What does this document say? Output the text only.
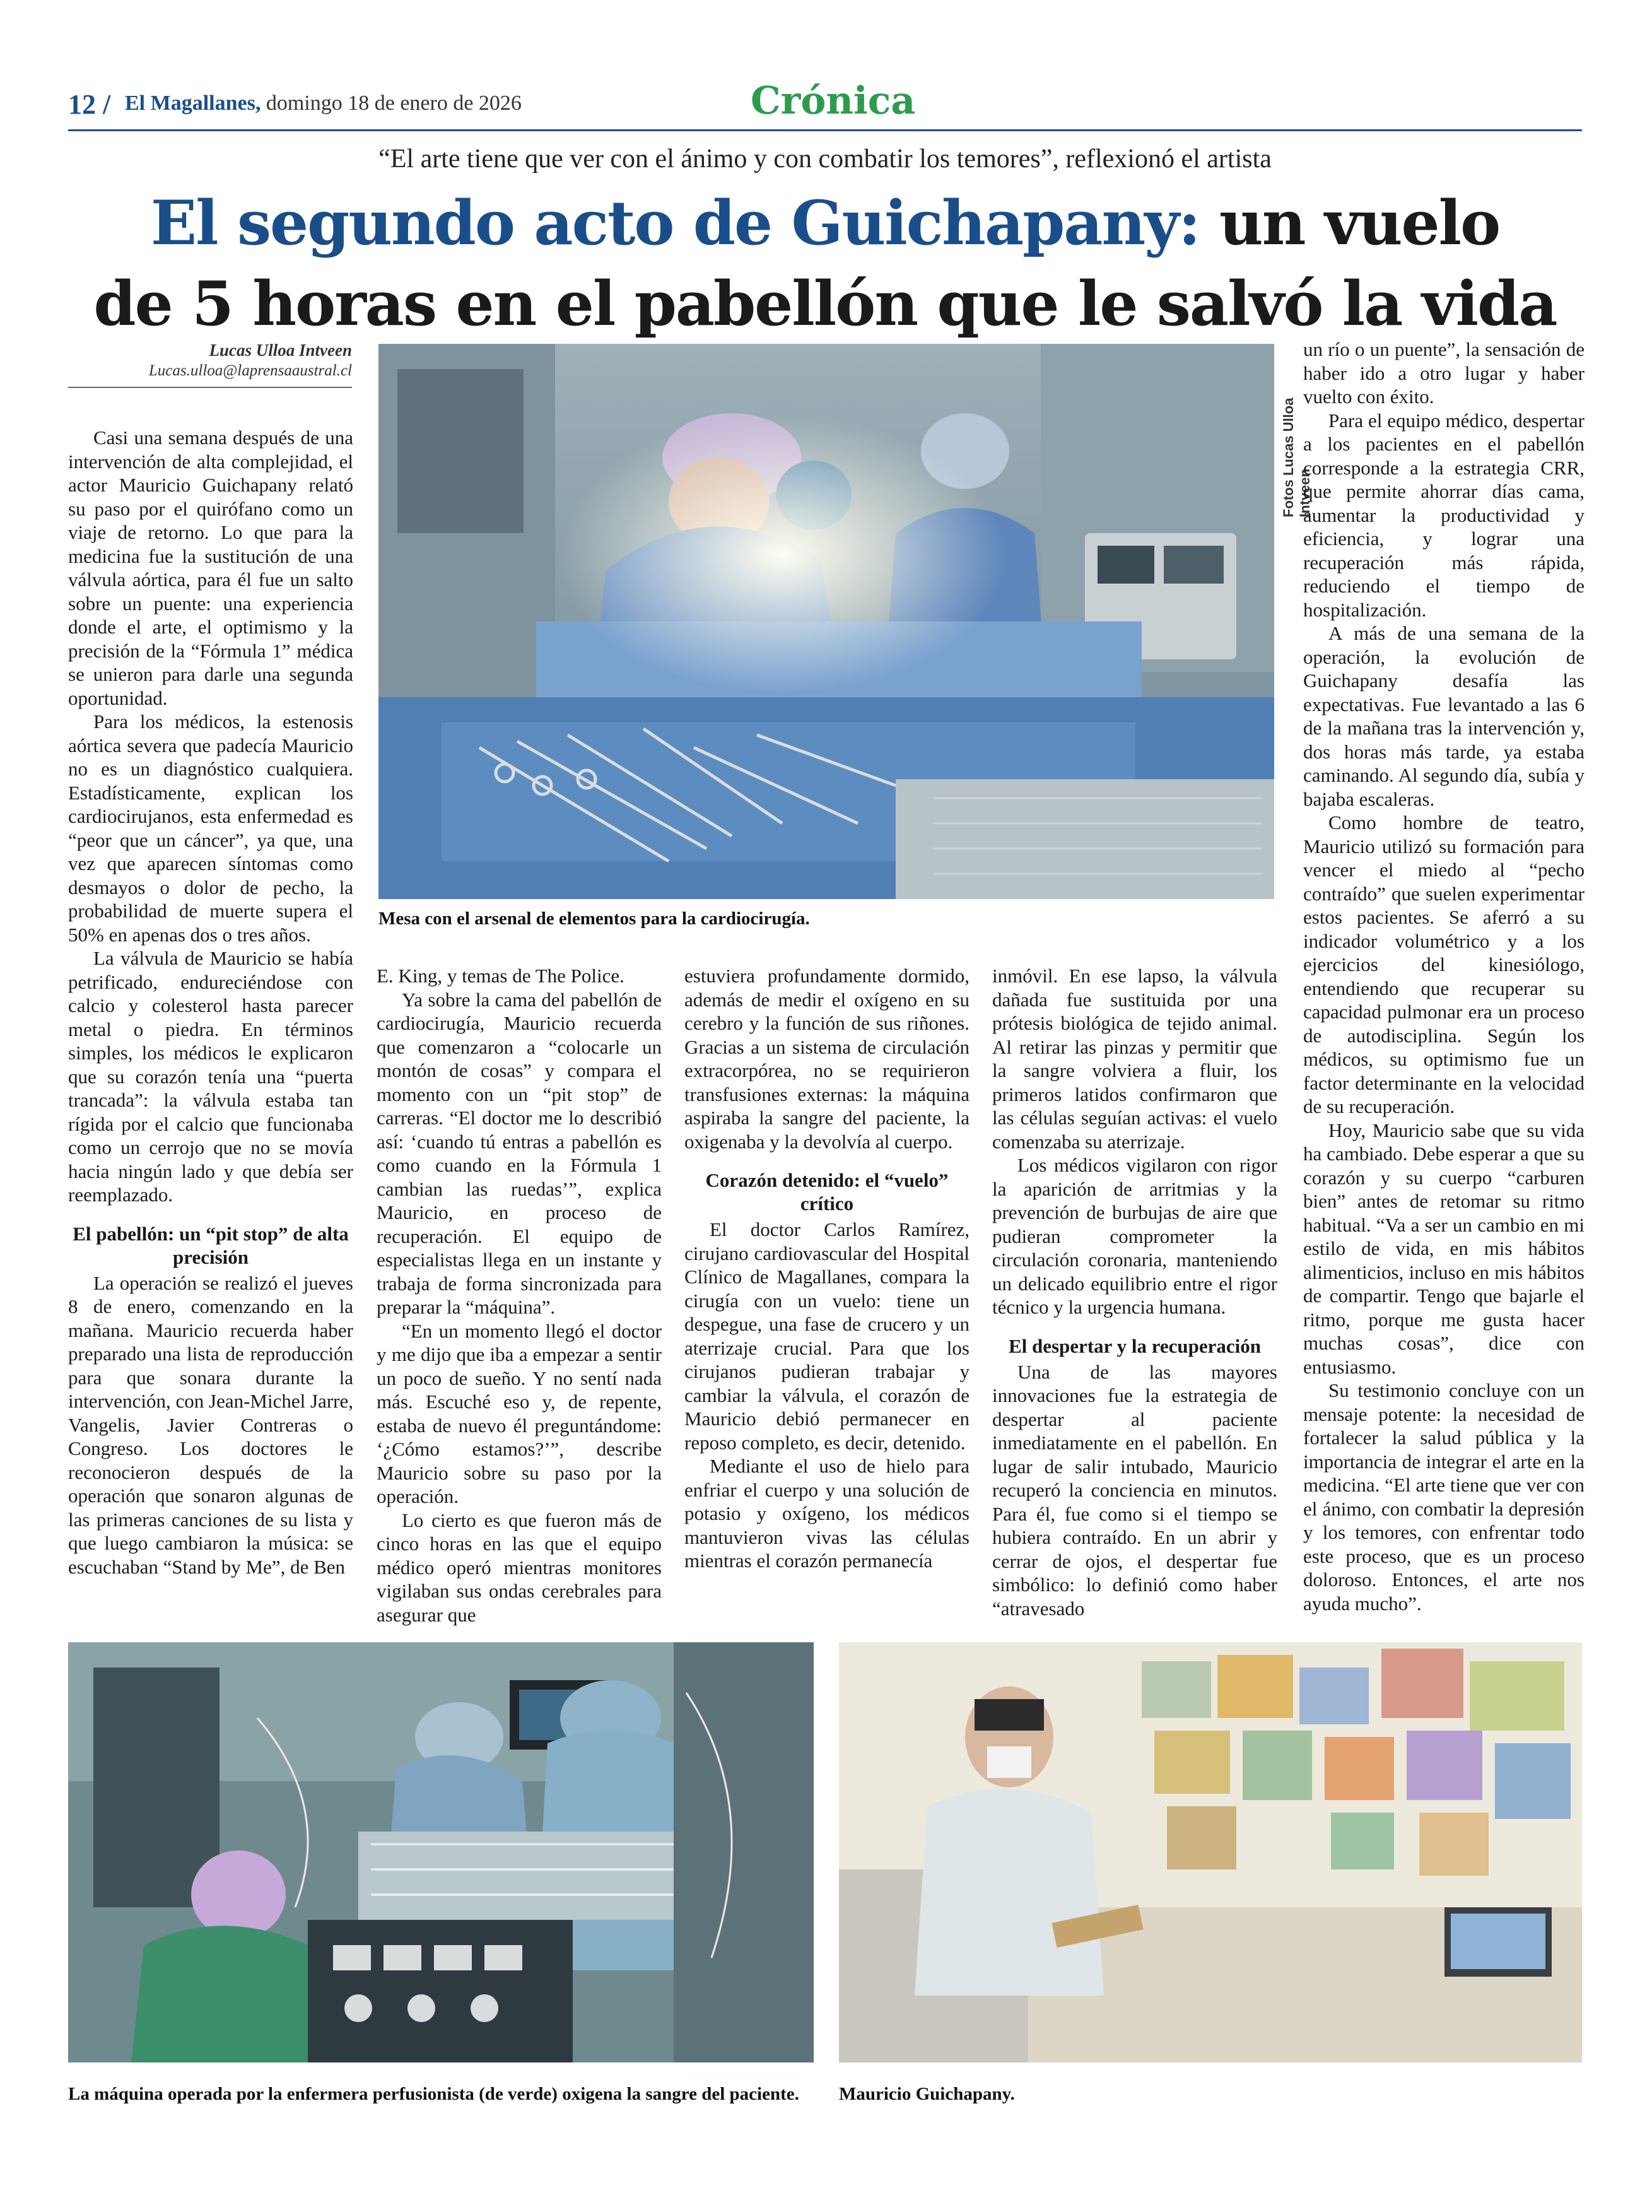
12 / El Magallanes, domingo 18 de enero de 2026	Crónica
“El arte tiene que ver con el ánimo y con combatir los temores”, reflexionó el artista
El segundo acto de Guichapany: un vuelo
de 5 horas en el pabellón que le salvó la vida
Lucas Ulloa Intveen
Lucas.ulloa@laprensaaustral.cl
Fotos Lucas Ulloa Intveen
Mesa con el arsenal de elementos para la cardiocirugía.

Casi una semana después de una intervención de alta complejidad, el actor Mauricio Guichapany relató su paso por el quirófano como un viaje de retorno. Lo que para la medicina fue la sustitución de una válvula aórtica, para él fue un salto sobre un puente: una experiencia donde el arte, el optimismo y la precisión de la “Fórmula 1” médica se unieron para darle una segunda oportunidad.

Para los médicos, la estenosis aórtica severa que padecía Mauricio no es un diagnóstico cualquiera. Estadísticamente, explican los cardiocirujanos, esta enfermedad es “peor que un cáncer”, ya que, una vez que aparecen síntomas como desmayos o dolor de pecho, la probabilidad de muerte supera el 50% en apenas dos o tres años.

La válvula de Mauricio se había petrificado, endureciéndose con calcio y colesterol hasta parecer metal o piedra. En términos simples, los médicos le explicaron que su corazón tenía una “puerta trancada”: la válvula estaba tan rígida por el calcio que funcionaba como un cerrojo que no se movía hacia ningún lado y que debía ser reemplazado.

El pabellón: un “pit stop” de alta precisión

La operación se realizó el jueves 8 de enero, comenzando en la mañana. Mauricio recuerda haber preparado una lista de reproducción para que sonara durante la intervención, con Jean-Michel Jarre, Vangelis, Javier Contreras o Congreso. Los doctores le reconocieron después de la operación que sonaron algunas de las primeras canciones de su lista y que luego cambiaron la música: se escuchaban “Stand by Me”, de Ben

E. King, y temas de The Police.

Ya sobre la cama del pabellón de cardiocirugía, Mauricio recuerda que comenzaron a “colocarle un montón de cosas” y compara el momento con un “pit stop” de carreras. “El doctor me lo describió así: ‘cuando tú entras a pabellón es como cuando en la Fórmula 1 cambian las ruedas’”, explica Mauricio, en proceso de recuperación. El equipo de especialistas llega en un instante y trabaja de forma sincronizada para preparar la “máquina”.

“En un momento llegó el doctor y me dijo que iba a empezar a sentir un poco de sueño. Y no sentí nada más. Escuché eso y, de repente, estaba de nuevo él preguntándome: ‘¿Cómo estamos?’”, describe Mauricio sobre su paso por la operación.

Lo cierto es que fueron más de cinco horas en las que el equipo médico operó mientras monitores vigilaban sus ondas cerebrales para asegurar que

estuviera profundamente dormido, además de medir el oxígeno en su cerebro y la función de sus riñones. Gracias a un sistema de circulación extracorpórea, no se requirieron transfusiones externas: la máquina aspiraba la sangre del paciente, la oxigenaba y la devolvía al cuerpo.

Corazón detenido: el “vuelo” crítico

El doctor Carlos Ramírez, cirujano cardiovascular del Hospital Clínico de Magallanes, compara la cirugía con un vuelo: tiene un despegue, una fase de crucero y un aterrizaje crucial. Para que los cirujanos pudieran trabajar y cambiar la válvula, el corazón de Mauricio debió permanecer en reposo completo, es decir, detenido.

Mediante el uso de hielo para enfriar el cuerpo y una solución de potasio y oxígeno, los médicos mantuvieron vivas las células mientras el corazón permanecía

inmóvil. En ese lapso, la válvula dañada fue sustituida por una prótesis biológica de tejido animal. Al retirar las pinzas y permitir que la sangre volviera a fluir, los primeros latidos confirmaron que las células seguían activas: el vuelo comenzaba su aterrizaje.

Los médicos vigilaron con rigor la aparición de arritmias y la prevención de burbujas de aire que pudieran comprometer la circulación coronaria, manteniendo un delicado equilibrio entre el rigor técnico y la urgencia humana.

El despertar y la recuperación

Una de las mayores innovaciones fue la estrategia de despertar al paciente inmediatamente en el pabellón. En lugar de salir intubado, Mauricio recuperó la conciencia en minutos. Para él, fue como si el tiempo se hubiera contraído. En un abrir y cerrar de ojos, el despertar fue simbólico: lo definió como haber “atravesado

un río o un puente”, la sensación de haber ido a otro lugar y haber vuelto con éxito.

Para el equipo médico, despertar a los pacientes en el pabellón corresponde a la estrategia CRR, que permite ahorrar días cama, aumentar la productividad y eficiencia, y lograr una recuperación más rápida, reduciendo el tiempo de hospitalización.

A más de una semana de la operación, la evolución de Guichapany desafía las expectativas. Fue levantado a las 6 de la mañana tras la intervención y, dos horas más tarde, ya estaba caminando. Al segundo día, subía y bajaba escaleras.

Como hombre de teatro, Mauricio utilizó su formación para vencer el miedo al “pecho contraído” que suelen experimentar estos pacientes. Se aferró a su indicador volumétrico y a los ejercicios del kinesiólogo, entendiendo que recuperar su capacidad pulmonar era un proceso de autodisciplina. Según los médicos, su optimismo fue un factor determinante en la velocidad de su recuperación.

Hoy, Mauricio sabe que su vida ha cambiado. Debe esperar a que su corazón y su cuerpo “carburen bien” antes de retomar su ritmo habitual. “Va a ser un cambio en mi estilo de vida, en mis hábitos alimenticios, incluso en mis hábitos de compartir. Tengo que bajarle el ritmo, porque me gusta hacer muchas cosas”, dice con entusiasmo.

Su testimonio concluye con un mensaje potente: la necesidad de fortalecer la salud pública y la importancia de integrar el arte en la medicina. “El arte tiene que ver con el ánimo, con combatir la depresión y los temores, con enfrentar todo este proceso, que es un proceso doloroso. Entonces, el arte nos ayuda mucho”.

La máquina operada por la enfermera perfusionista (de verde) oxigena la sangre del paciente.	Mauricio Guichapany.
